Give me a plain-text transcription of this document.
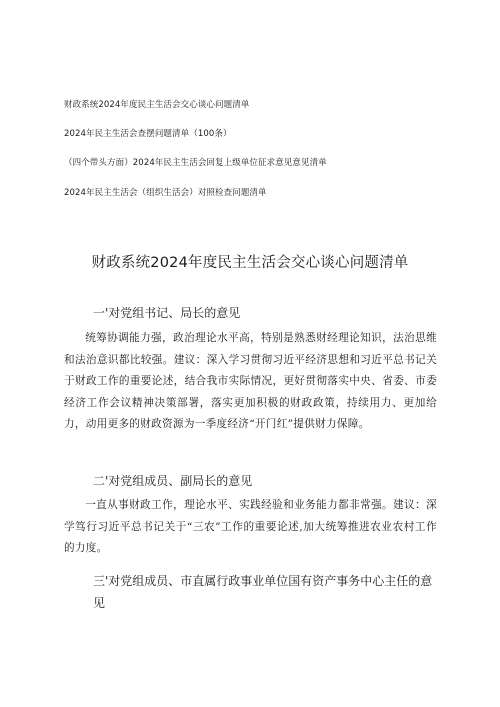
财政系统2024年度民主生活会交心谈心问题清单
2024年民主生活会查摆问题清单（100条）
（四个带头方面）2024年民主生活会回复上级单位征求意见意见清单
2024年民主生活会（组织生活会）对照检查问题清单
财政系统2024年度民主生活会交心谈心问题清单
一'对党组书记、局长的意见
统筹协调能力强，政治理论水平高，特别是熟悉财经理论知识，法治思维和法治意识都比较强。建议：深入学习贯彻习近平经济思想和习近平总书记关于财政工作的重要论述，结合我市实际情况，更好贯彻落实中央、省委、市委经济工作会议精神决策部署，落实更加积极的财政政策，持续用力、更加给力，动用更多的财政资源为一季度经济“开门红”提供财力保障。
二'对党组成员、副局长的意见
一直从事财政工作，理论水平、实践经验和业务能力都非常强。建议：深学笃行习近平总书记关于“三农”工作的重要论述,加大统筹推进农业农村工作的力度。
三'对党组成员、市直属行政事业单位国有资产事务中心主任的意见
